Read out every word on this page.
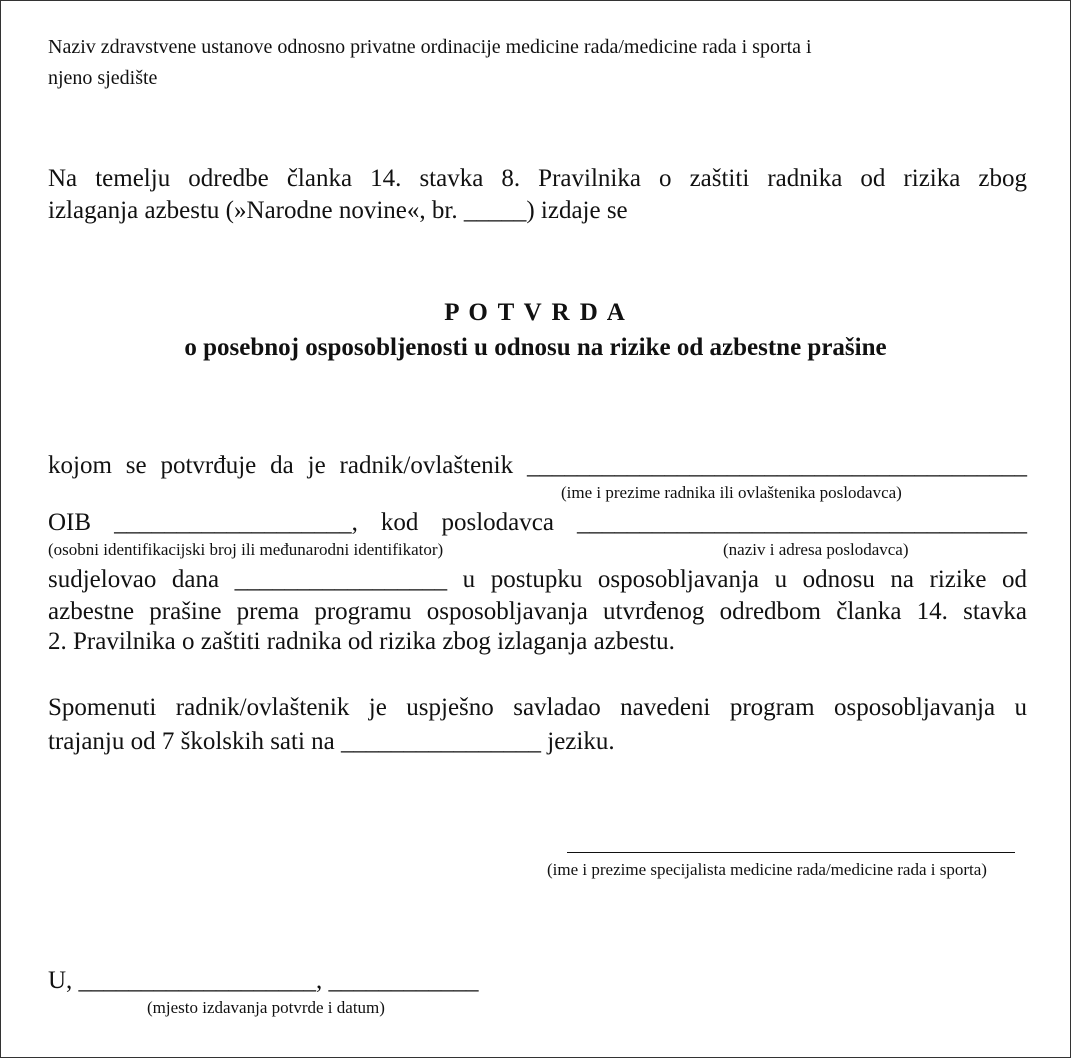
Naziv zdravstvene ustanove odnosno privatne ordinacije medicine rada/medicine rada i sporta i
njeno sjedište
Na temelju odredbe članka 14. stavka 8. Pravilnika o zaštiti radnika od rizika zbog
izlaganja azbestu (»Narodne novine«, br. _____) izdaje se
P O T V R D A
o posebnoj osposobljenosti u odnosu na rizike od azbestne prašine
kojom se potvrđuje da je radnik/ovlaštenik ________________________________________
(ime i prezime radnika ili ovlaštenika poslodavca)
OIB ___________________, kod poslodavca ____________________________________
(osobni identifikacijski broj ili međunarodni identifikator)	(naziv i adresa poslodavca)
sudjelovao dana _________________ u postupku osposobljavanja u odnosu na rizike od
azbestne prašine prema programu osposobljavanja utvrđenog odredbom članka 14. stavka
2. Pravilnika o zaštiti radnika od rizika zbog izlaganja azbestu.
Spomenuti radnik/ovlaštenik je uspješno savladao navedeni program osposobljavanja u
trajanju od 7 školskih sati na ________________ jeziku.
(ime i prezime specijalista medicine rada/medicine rada i sporta)
U, ___________________, ____________
(mjesto izdavanja potvrde i datum)
